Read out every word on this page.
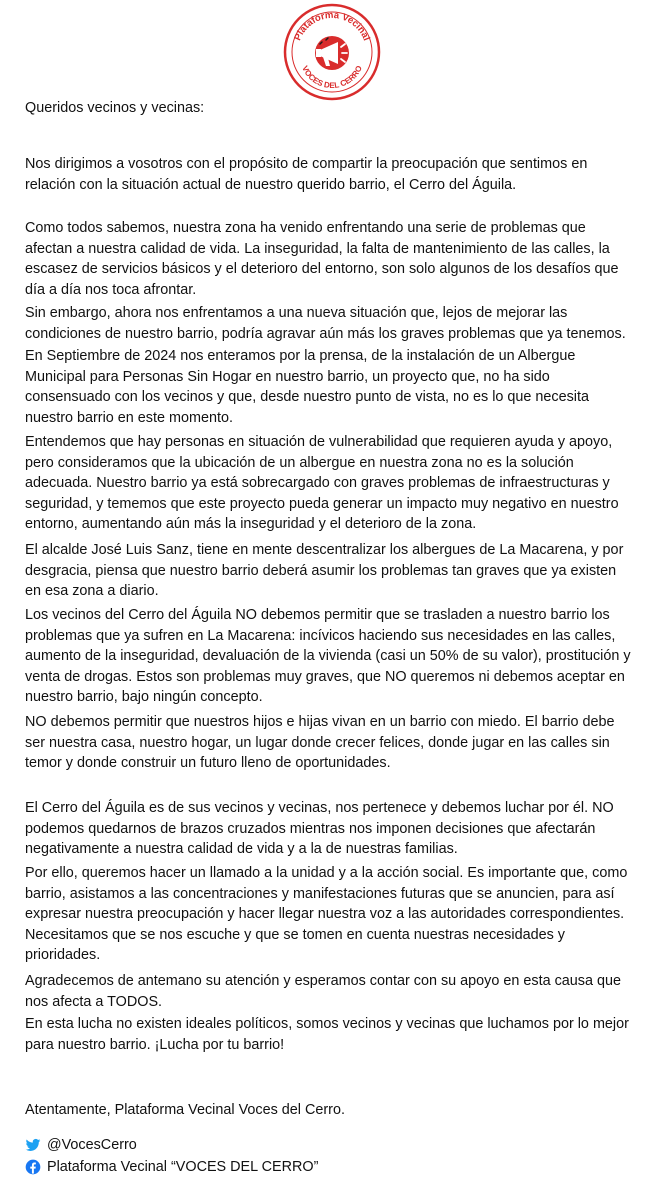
Plataforma Vecinal
VOCES DEL CERRO

Queridos vecinos y vecinas:

Nos dirigimos a vosotros con el propósito de compartir la preocupación que sentimos en relación con la situación actual de nuestro querido barrio, el Cerro del Águila.

Como todos sabemos, nuestra zona ha venido enfrentando una serie de problemas que afectan a nuestra calidad de vida. La inseguridad, la falta de mantenimiento de las calles, la escasez de servicios básicos y el deterioro del entorno, son solo algunos de los desafíos que día a día nos toca afrontar.

Sin embargo, ahora nos enfrentamos a una nueva situación que, lejos de mejorar las condiciones de nuestro barrio, podría agravar aún más los graves problemas que ya tenemos.

En Septiembre de 2024 nos enteramos por la prensa, de la instalación de un Albergue Municipal para Personas Sin Hogar en nuestro barrio, un proyecto que, no ha sido consensuado con los vecinos y que, desde nuestro punto de vista, no es lo que necesita nuestro barrio en este momento.

Entendemos que hay personas en situación de vulnerabilidad que requieren ayuda y apoyo, pero consideramos que la ubicación de un albergue en nuestra zona no es la solución adecuada. Nuestro barrio ya está sobrecargado con graves problemas de infraestructuras y seguridad, y tememos que este proyecto pueda generar un impacto muy negativo en nuestro entorno, aumentando aún más la inseguridad y el deterioro de la zona.

El alcalde José Luis Sanz, tiene en mente descentralizar los albergues de La Macarena, y por desgracia, piensa que nuestro barrio deberá asumir los problemas tan graves que ya existen en esa zona a diario.

Los vecinos del Cerro del Águila NO debemos permitir que se trasladen a nuestro barrio los problemas que ya sufren en La Macarena: incívicos haciendo sus necesidades en las calles, aumento de la inseguridad, devaluación de la vivienda (casi un 50% de su valor), prostitución y venta de drogas. Estos son problemas muy graves, que NO queremos ni debemos aceptar en nuestro barrio, bajo ningún concepto.

NO debemos permitir que nuestros hijos e hijas vivan en un barrio con miedo. El barrio debe ser nuestra casa, nuestro hogar, un lugar donde crecer felices, donde jugar en las calles sin temor y donde construir un futuro lleno de oportunidades.

El Cerro del Águila es de sus vecinos y vecinas, nos pertenece y debemos luchar por él. NO podemos quedarnos de brazos cruzados mientras nos imponen decisiones que afectarán negativamente a nuestra calidad de vida y a la de nuestras familias.

Por ello, queremos hacer un llamado a la unidad y a la acción social. Es importante que, como barrio, asistamos a las concentraciones y manifestaciones futuras que se anuncien, para así expresar nuestra preocupación y hacer llegar nuestra voz a las autoridades correspondientes. Necesitamos que se nos escuche y que se tomen en cuenta nuestras necesidades y prioridades.

Agradecemos de antemano su atención y esperamos contar con su apoyo en esta causa que nos afecta a TODOS.

En esta lucha no existen ideales políticos, somos vecinos y vecinas que luchamos por lo mejor para nuestro barrio. ¡Lucha por tu barrio!

Atentamente, Plataforma Vecinal Voces del Cerro.

@VocesCerro
Plataforma Vecinal “VOCES DEL CERRO”
